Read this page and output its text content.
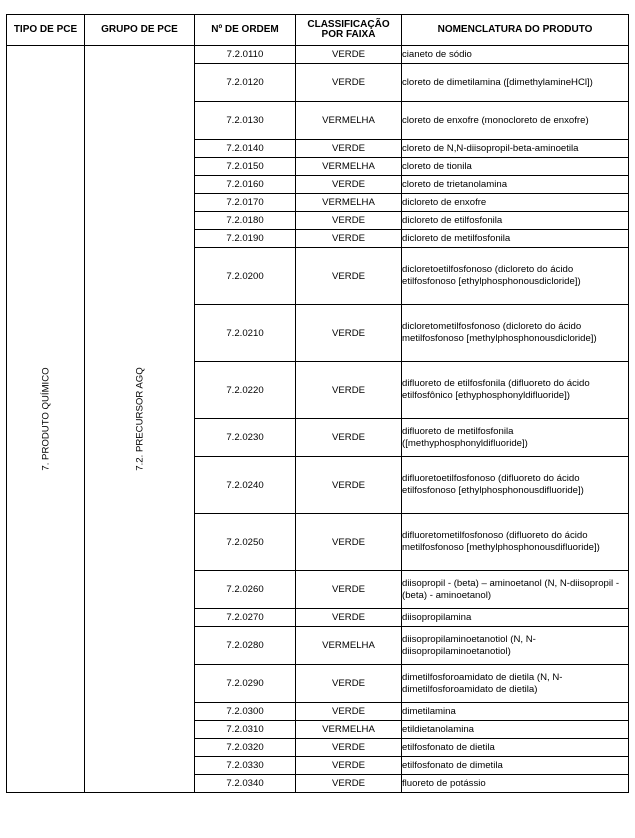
TIPO DE PCE	GRUPO DE PCE	Nº DE ORDEM	CLASSIFICAÇÃO POR FAIXA	NOMENCLATURA DO PRODUTO

7. PRODUTO QUÍMICO	7.2. PRECURSOR AGQ	7.2.0110	VERDE	cianeto de sódio
		7.2.0120	VERDE	cloreto de dimetilamina ([dimethylamineHCl])
		7.2.0130	VERMELHA	cloreto de enxofre (monocloreto de enxofre)
		7.2.0140	VERDE	cloreto de N,N-diisopropil-beta-aminoetila
		7.2.0150	VERMELHA	cloreto de tionila
		7.2.0160	VERDE	cloreto de trietanolamina
		7.2.0170	VERMELHA	dicloreto de enxofre
		7.2.0180	VERDE	dicloreto de etilfosfonila
		7.2.0190	VERDE	dicloreto de metilfosfonila
		7.2.0200	VERDE	dicloretoetilfosfonoso (dicloreto do ácido etilfosfonoso [ethylphosphonousdicloride])
		7.2.0210	VERDE	dicloretometilfosfonoso (dicloreto do ácido metilfosfonoso [methylphosphonousdicloride])
		7.2.0220	VERDE	difluoreto de etilfosfonila (difluoreto do ácido etilfosfônico [ethyphosphonyldifluoride])
		7.2.0230	VERDE	difluoreto de metilfosfonila ([methyphosphonyldifluoride])
		7.2.0240	VERDE	difluoretoetilfosfonoso (difluoreto do ácido etilfosfonoso [ethylphosphonousdifluoride])
		7.2.0250	VERDE	difluoretometilfosfonoso (difluoreto do ácido metilfosfonoso [methylphosphonousdifluoride])
		7.2.0260	VERDE	diisopropil - (beta) – aminoetanol (N, N-diisopropil - (beta) - aminoetanol)
		7.2.0270	VERDE	diisopropilamina
		7.2.0280	VERMELHA	diisopropilaminoetanotiol (N, N-diisopropilaminoetanotiol)
		7.2.0290	VERDE	dimetilfosforoamidato de dietila (N, N-dimetilfosforoamidato de dietila)
		7.2.0300	VERDE	dimetilamina
		7.2.0310	VERMELHA	etildietanolamina
		7.2.0320	VERDE	etilfosfonato de dietila
		7.2.0330	VERDE	etilfosfonato de dimetila
		7.2.0340	VERDE	fluoreto de potássio
